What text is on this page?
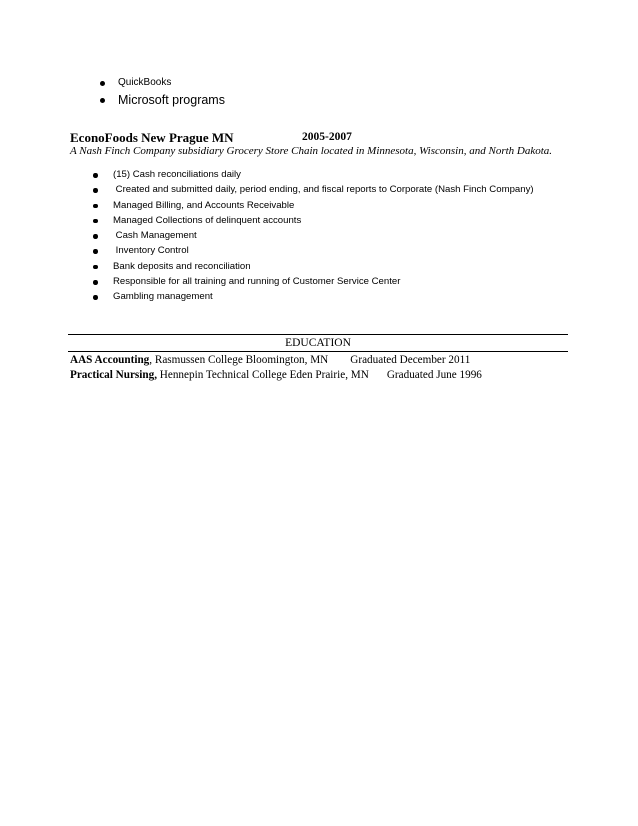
QuickBooks
Microsoft programs
EconoFoods New Prague MN	2005-2007
A Nash Finch Company subsidiary Grocery Store Chain located in Minnesota, Wisconsin, and North Dakota.
(15) Cash reconciliations daily
Created and submitted daily, period ending, and fiscal reports to Corporate (Nash Finch Company)
Managed Billing, and Accounts Receivable
Managed Collections of delinquent accounts
Cash Management
Inventory Control
Bank deposits and reconciliation
Responsible for all training and running of Customer Service Center
Gambling management
EDUCATION
AAS Accounting, Rasmussen College Bloomington, MN Graduated December 2011
Practical Nursing, Hennepin Technical College Eden Prairie, MN Graduated June 1996
